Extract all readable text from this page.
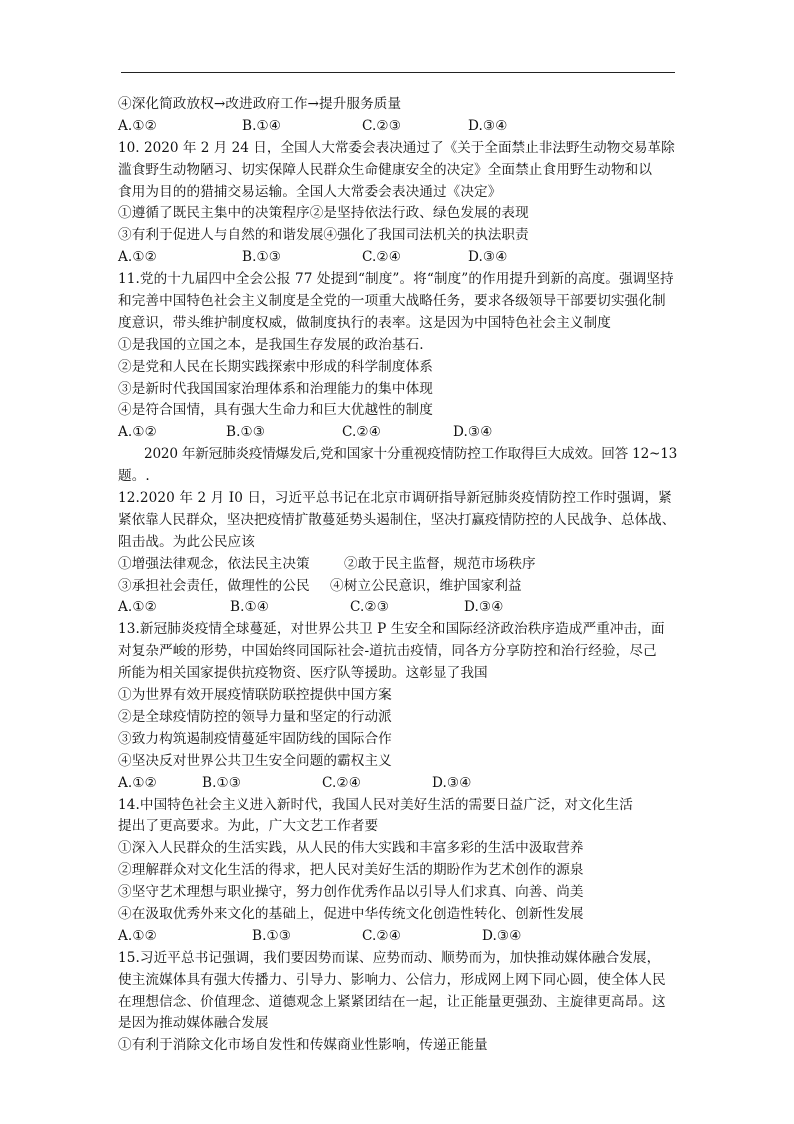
④深化简政放权→改进政府工作→提升服务质量
A.①②	B.①④	C.②③	D.③④
10. 2020 年 2 月 24 日，全国人大常委会表决通过了《关于全面禁止非法野生动物交易革除
滥食野生动物陋习、切实保障人民群众生命健康安全的决定》全面禁止食用野生动物和以
食用为目的的猎捕交易运输。全国人大常委会表决通过《决定》
①遵循了既民主集中的决策程序②是坚持依法行政、绿色发展的表现
③有利于促进人与自然的和谐发展④强化了我国司法机关的执法职责
A.①②	B.①③	C.②④	D.③④
11.党的十九届四中全会公报 77 处提到“制度”。将“制度”的作用提升到新的高度。强调坚持
和完善中国特色社会主义制度是全党的一项重大战略任务，要求各级领导干部要切实强化制
度意识，带头维护制度权威，做制度执行的表率。这是因为中国特色社会主义制度
①是我国的立国之本，是我国生存发展的政治基石.
②是党和人民在长期实践探索中形成的科学制度体系
③是新时代我国国家治理体系和治理能力的集中体现
④是符合国情，具有强大生命力和巨大优越性的制度
A.①②	B.①③	C.②④	D.③④
2020 年新冠肺炎疫情爆发后,党和国家十分重视疫情防控工作取得巨大成效。回答 12~13
题。.
12.2020 年 2 月 I0 日，习近平总书记在北京市调研指导新冠肺炎疫情防控工作时强调，紧
紧依靠人民群众，坚决把疫情扩散蔓延势头遏制住，坚决打赢疫情防控的人民战争、总体战、
阻击战。为此公民应该
①增强法律观念，依法民主决策	②敢于民主监督，规范市场秩序
③承担社会责任，做理性的公民 ④树立公民意识，维护国家利益
A.①②	B.①④	C.②③	D.③④
13.新冠肺炎疫情全球蔓延，对世界公共卫 P 生安全和国际经济政治秩序造成严重冲击，面
对复杂严峻的形势，中国始终同国际社会-道抗击疫情，同各方分享防控和治行经验，尽己
所能为相关国家提供抗疫物资、医疗队等援助。这彰显了我国
①为世界有效开展疫情联防联控提供中国方案
②是全球疫情防控的领导力量和坚定的行动派
③致力构筑遏制疫情蔓延牢固防线的国际合作
④坚决反对世界公共卫生安全问题的霸权主义
A.①②	B.①③	C.②④	D.③④
14.中国特色社会主义进入新时代，我国人民对美好生活的需要日益广泛，对文化生活
提出了更高要求。为此，广大文艺工作者要
①深入人民群众的生活实践，从人民的伟大实践和丰富多彩的生活中汲取营养
②理解群众对文化生活的得求，把人民对美好生活的期盼作为艺术创作的源泉
③坚守艺术理想与职业操守，努力创作优秀作品以引导人们求真、向善、尚美
④在汲取优秀外来文化的基础上，促进中华传统文化创造性转化、创新性发展
A.①②	B.①③	C.②④	D.③④
15.习近平总书记强调，我们要因势而谋、应势而动、顺势而为，加快推动媒体融合发展，
使主流媒体具有强大传播力、引导力、影响力、公信力，形成网上网下同心圆，使全体人民
在理想信念、价值理念、道德观念上紧紧团结在一起，让正能量更强劲、主旋律更高昂。这
是因为推动媒体融合发展
①有利于消除文化市场自发性和传媒商业性影响，传递正能量
